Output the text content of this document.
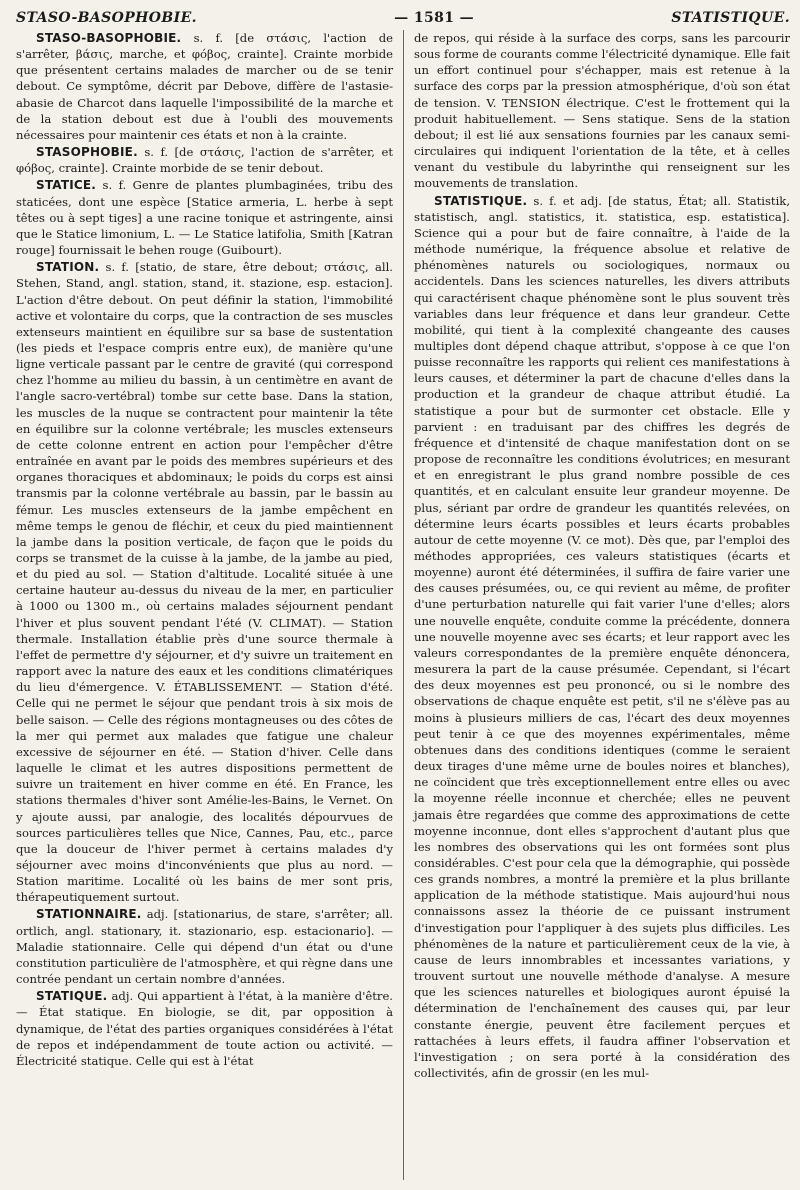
STASO-BASOPHOBIE.	— 1581 —	STATISTIQUE.

STASO-BASOPHOBIE. s. f. [de στάσις, l'action de s'arrêter, βάσις, marche, et φόβος, crainte]. Crainte morbide que présentent certains malades de marcher ou de se tenir debout. Ce symptôme, décrit par Debove, diffère de l'astasie-abasie de Charcot dans laquelle l'impossibilité de la marche et de la station debout est due à l'oubli des mouvements nécessaires pour maintenir ces états et non à la crainte.

STASOPHOBIE. s. f. [de στάσις, l'action de s'arrêter, et φόβος, crainte]. Crainte morbide de se tenir debout.

STATICE. s. f. Genre de plantes plumbaginées, tribu des staticées, dont une espèce [Statice armeria, L. herbe à sept têtes ou à sept tiges] a une racine tonique et astringente, ainsi que le Statice limonium, L. — Le Statice latifolia, Smith [Katran rouge] fournissait le behen rouge (Guibourt).

STATION. s. f. [statio, de stare, être debout; στάσις, all. Stehen, Stand, angl. station, stand, it. stazione, esp. estacion]. L'action d'être debout. On peut définir la station, l'immobilité active et volontaire du corps, que la contraction de ses muscles extenseurs maintient en équilibre sur sa base de sustentation (les pieds et l'espace compris entre eux), de manière qu'une ligne verticale passant par le centre de gravité (qui correspond chez l'homme au milieu du bassin, à un centimètre en avant de l'angle sacro-vertébral) tombe sur cette base. Dans la station, les muscles de la nuque se contractent pour maintenir la tête en équilibre sur la colonne vertébrale; les muscles extenseurs de cette colonne entrent en action pour l'empêcher d'être entraînée en avant par le poids des membres supérieurs et des organes thoraciques et abdominaux; le poids du corps est ainsi transmis par la colonne vertébrale au bassin, par le bassin au fémur. Les muscles extenseurs de la jambe empêchent en même temps le genou de fléchir, et ceux du pied maintiennent la jambe dans la position verticale, de façon que le poids du corps se transmet de la cuisse à la jambe, de la jambe au pied, et du pied au sol. — Station d'altitude. Localité située à une certaine hauteur au-dessus du niveau de la mer, en particulier à 1000 ou 1300 m., où certains malades séjournent pendant l'hiver et plus souvent pendant l'été (V. CLIMAT). — Station thermale. Installation établie près d'une source thermale à l'effet de permettre d'y séjourner, et d'y suivre un traitement en rapport avec la nature des eaux et les conditions climatériques du lieu d'émergence. V. ÉTABLISSEMENT. — Station d'été. Celle qui ne permet le séjour que pendant trois à six mois de belle saison. — Celle des régions montagneuses ou des côtes de la mer qui permet aux malades que fatigue une chaleur excessive de séjourner en été. — Station d'hiver. Celle dans laquelle le climat et les autres dispositions permettent de suivre un traitement en hiver comme en été. En France, les stations thermales d'hiver sont Amélie-les-Bains, le Vernet. On y ajoute aussi, par analogie, des localités dépourvues de sources particulières telles que Nice, Cannes, Pau, etc., parce que la douceur de l'hiver permet à certains malades d'y séjourner avec moins d'inconvénients que plus au nord. — Station maritime. Localité où les bains de mer sont pris, thérapeutiquement surtout.

STATIONNAIRE. adj. [stationarius, de stare, s'arrêter; all. ortlich, angl. stationary, it. stazionario, esp. estacionario]. — Maladie stationnaire. Celle qui dépend d'un état ou d'une constitution particulière de l'atmosphère, et qui règne dans une contrée pendant un certain nombre d'années.

STATIQUE. adj. Qui appartient à l'état, à la manière d'être. — État statique. En biologie, se dit, par opposition à dynamique, de l'état des parties organiques considérées à l'état de repos et indépendamment de toute action ou activité. — Électricité statique. Celle qui est à l'état

de repos, qui réside à la surface des corps, sans les parcourir sous forme de courants comme l'électricité dynamique. Elle fait un effort continuel pour s'échapper, mais est retenue à la surface des corps par la pression atmosphérique, d'où son état de tension. V. TENSION électrique. C'est le frottement qui la produit habituellement. — Sens statique. Sens de la station debout; il est lié aux sensations fournies par les canaux semi-circulaires qui indiquent l'orientation de la tête, et à celles venant du vestibule du labyrinthe qui renseignent sur les mouvements de translation.

STATISTIQUE. s. f. et adj. [de status, État; all. Statistik, statistisch, angl. statistics, it. statistica, esp. estatistica]. Science qui a pour but de faire connaître, à l'aide de la méthode numérique, la fréquence absolue et relative de phénomènes naturels ou sociologiques, normaux ou accidentels. Dans les sciences naturelles, les divers attributs qui caractérisent chaque phénomène sont le plus souvent très variables dans leur fréquence et dans leur grandeur. Cette mobilité, qui tient à la complexité changeante des causes multiples dont dépend chaque attribut, s'oppose à ce que l'on puisse reconnaître les rapports qui relient ces manifestations à leurs causes, et déterminer la part de chacune d'elles dans la production et la grandeur de chaque attribut étudié. La statistique a pour but de surmonter cet obstacle. Elle y parvient : en traduisant par des chiffres les degrés de fréquence et d'intensité de chaque manifestation dont on se propose de reconnaître les conditions évolutrices; en mesurant et en enregistrant le plus grand nombre possible de ces quantités, et en calculant ensuite leur grandeur moyenne. De plus, sériant par ordre de grandeur les quantités relevées, on détermine leurs écarts possibles et leurs écarts probables autour de cette moyenne (V. ce mot). Dès que, par l'emploi des méthodes appropriées, ces valeurs statistiques (écarts et moyenne) auront été déterminées, il suffira de faire varier une des causes présumées, ou, ce qui revient au même, de profiter d'une perturbation naturelle qui fait varier l'une d'elles; alors une nouvelle enquête, conduite comme la précédente, donnera une nouvelle moyenne avec ses écarts; et leur rapport avec les valeurs correspondantes de la première enquête dénoncera, mesurera la part de la cause présumée. Cependant, si l'écart des deux moyennes est peu prononcé, ou si le nombre des observations de chaque enquête est petit, s'il ne s'élève pas au moins à plusieurs milliers de cas, l'écart des deux moyennes peut tenir à ce que des moyennes expérimentales, même obtenues dans des conditions identiques (comme le seraient deux tirages d'une même urne de boules noires et blanches), ne coïncident que très exceptionnellement entre elles ou avec la moyenne réelle inconnue et cherchée; elles ne peuvent jamais être regardées que comme des approximations de cette moyenne inconnue, dont elles s'approchent d'autant plus que les nombres des observations qui les ont formées sont plus considérables. C'est pour cela que la démographie, qui possède ces grands nombres, a montré la première et la plus brillante application de la méthode statistique. Mais aujourd'hui nous connaissons assez la théorie de ce puissant instrument d'investigation pour l'appliquer à des sujets plus difficiles. Les phénomènes de la nature et particulièrement ceux de la vie, à cause de leurs innombrables et incessantes variations, y trouvent surtout une nouvelle méthode d'analyse. A mesure que les sciences naturelles et biologiques auront épuisé la détermination de l'enchaînement des causes qui, par leur constante énergie, peuvent être facilement perçues et rattachées à leurs effets, il faudra affiner l'observation et l'investigation ; on sera porté à la considération des collectivités, afin de grossir (en les mul-
